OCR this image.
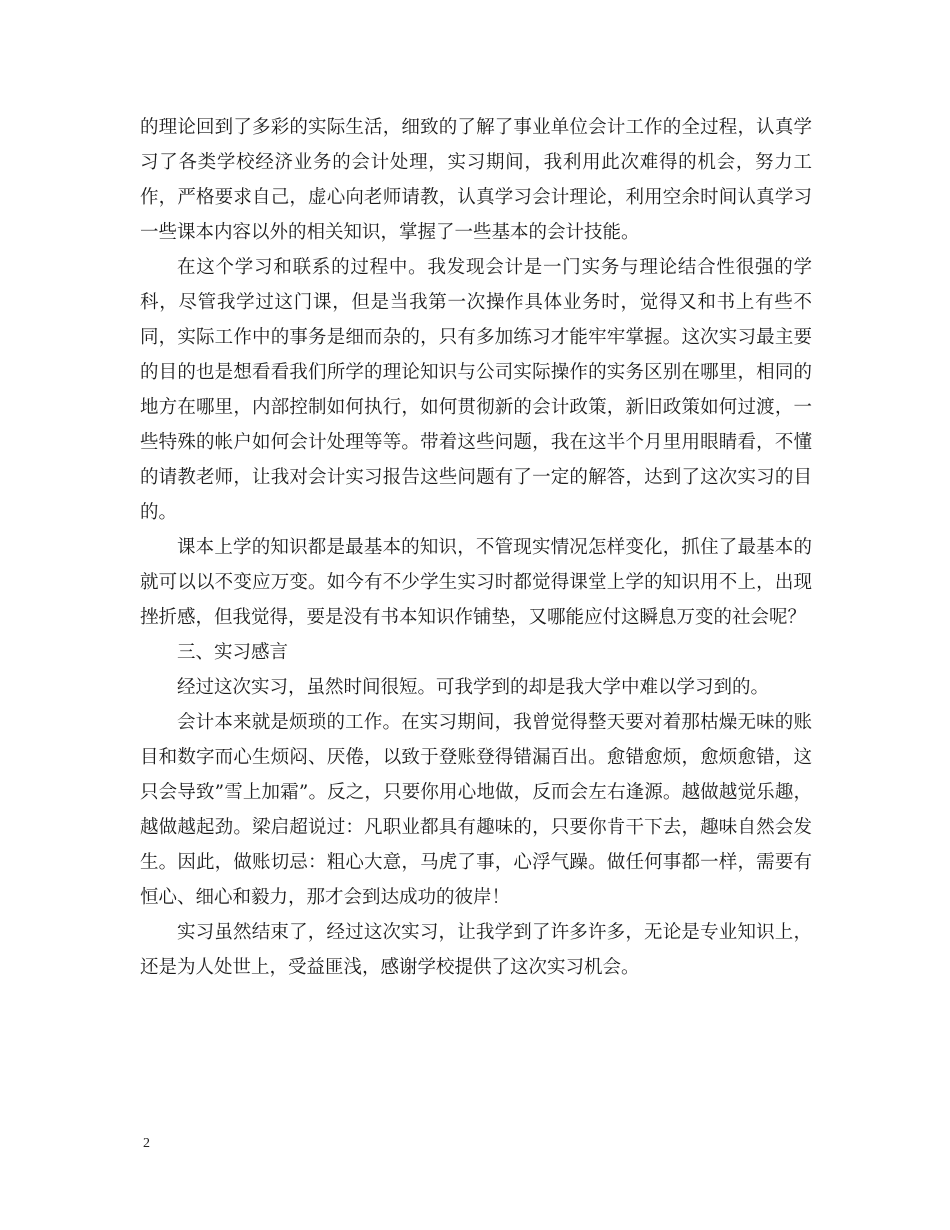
的理论回到了多彩的实际生活，细致的了解了事业单位会计工作的全过程，认真学习了各类学校经济业务的会计处理，实习期间，我利用此次难得的机会，努力工作，严格要求自己，虚心向老师请教，认真学习会计理论，利用空余时间认真学习一些课本内容以外的相关知识，掌握了一些基本的会计技能。

在这个学习和联系的过程中。我发现会计是一门实务与理论结合性很强的学科，尽管我学过这门课，但是当我第一次操作具体业务时，觉得又和书上有些不同，实际工作中的事务是细而杂的，只有多加练习才能牢牢掌握。这次实习最主要的目的也是想看看我们所学的理论知识与公司实际操作的实务区别在哪里，相同的地方在哪里，内部控制如何执行，如何贯彻新的会计政策，新旧政策如何过渡，一些特殊的帐户如何会计处理等等。带着这些问题，我在这半个月里用眼睛看，不懂的请教老师，让我对会计实习报告这些问题有了一定的解答，达到了这次实习的目的。

课本上学的知识都是最基本的知识，不管现实情况怎样变化，抓住了最基本的就可以以不变应万变。如今有不少学生实习时都觉得课堂上学的知识用不上，出现挫折感，但我觉得，要是没有书本知识作铺垫，又哪能应付这瞬息万变的社会呢？

三、实习感言

经过这次实习，虽然时间很短。可我学到的却是我大学中难以学习到的。

会计本来就是烦琐的工作。在实习期间，我曾觉得整天要对着那枯燥无味的账目和数字而心生烦闷、厌倦，以致于登账登得错漏百出。愈错愈烦，愈烦愈错，这只会导致”雪上加霜”。反之，只要你用心地做，反而会左右逢源。越做越觉乐趣，越做越起劲。梁启超说过：凡职业都具有趣味的，只要你肯干下去，趣味自然会发生。因此，做账切忌：粗心大意，马虎了事，心浮气躁。做任何事都一样，需要有恒心、细心和毅力，那才会到达成功的彼岸！

实习虽然结束了，经过这次实习，让我学到了许多许多，无论是专业知识上，还是为人处世上，受益匪浅，感谢学校提供了这次实习机会。

2
